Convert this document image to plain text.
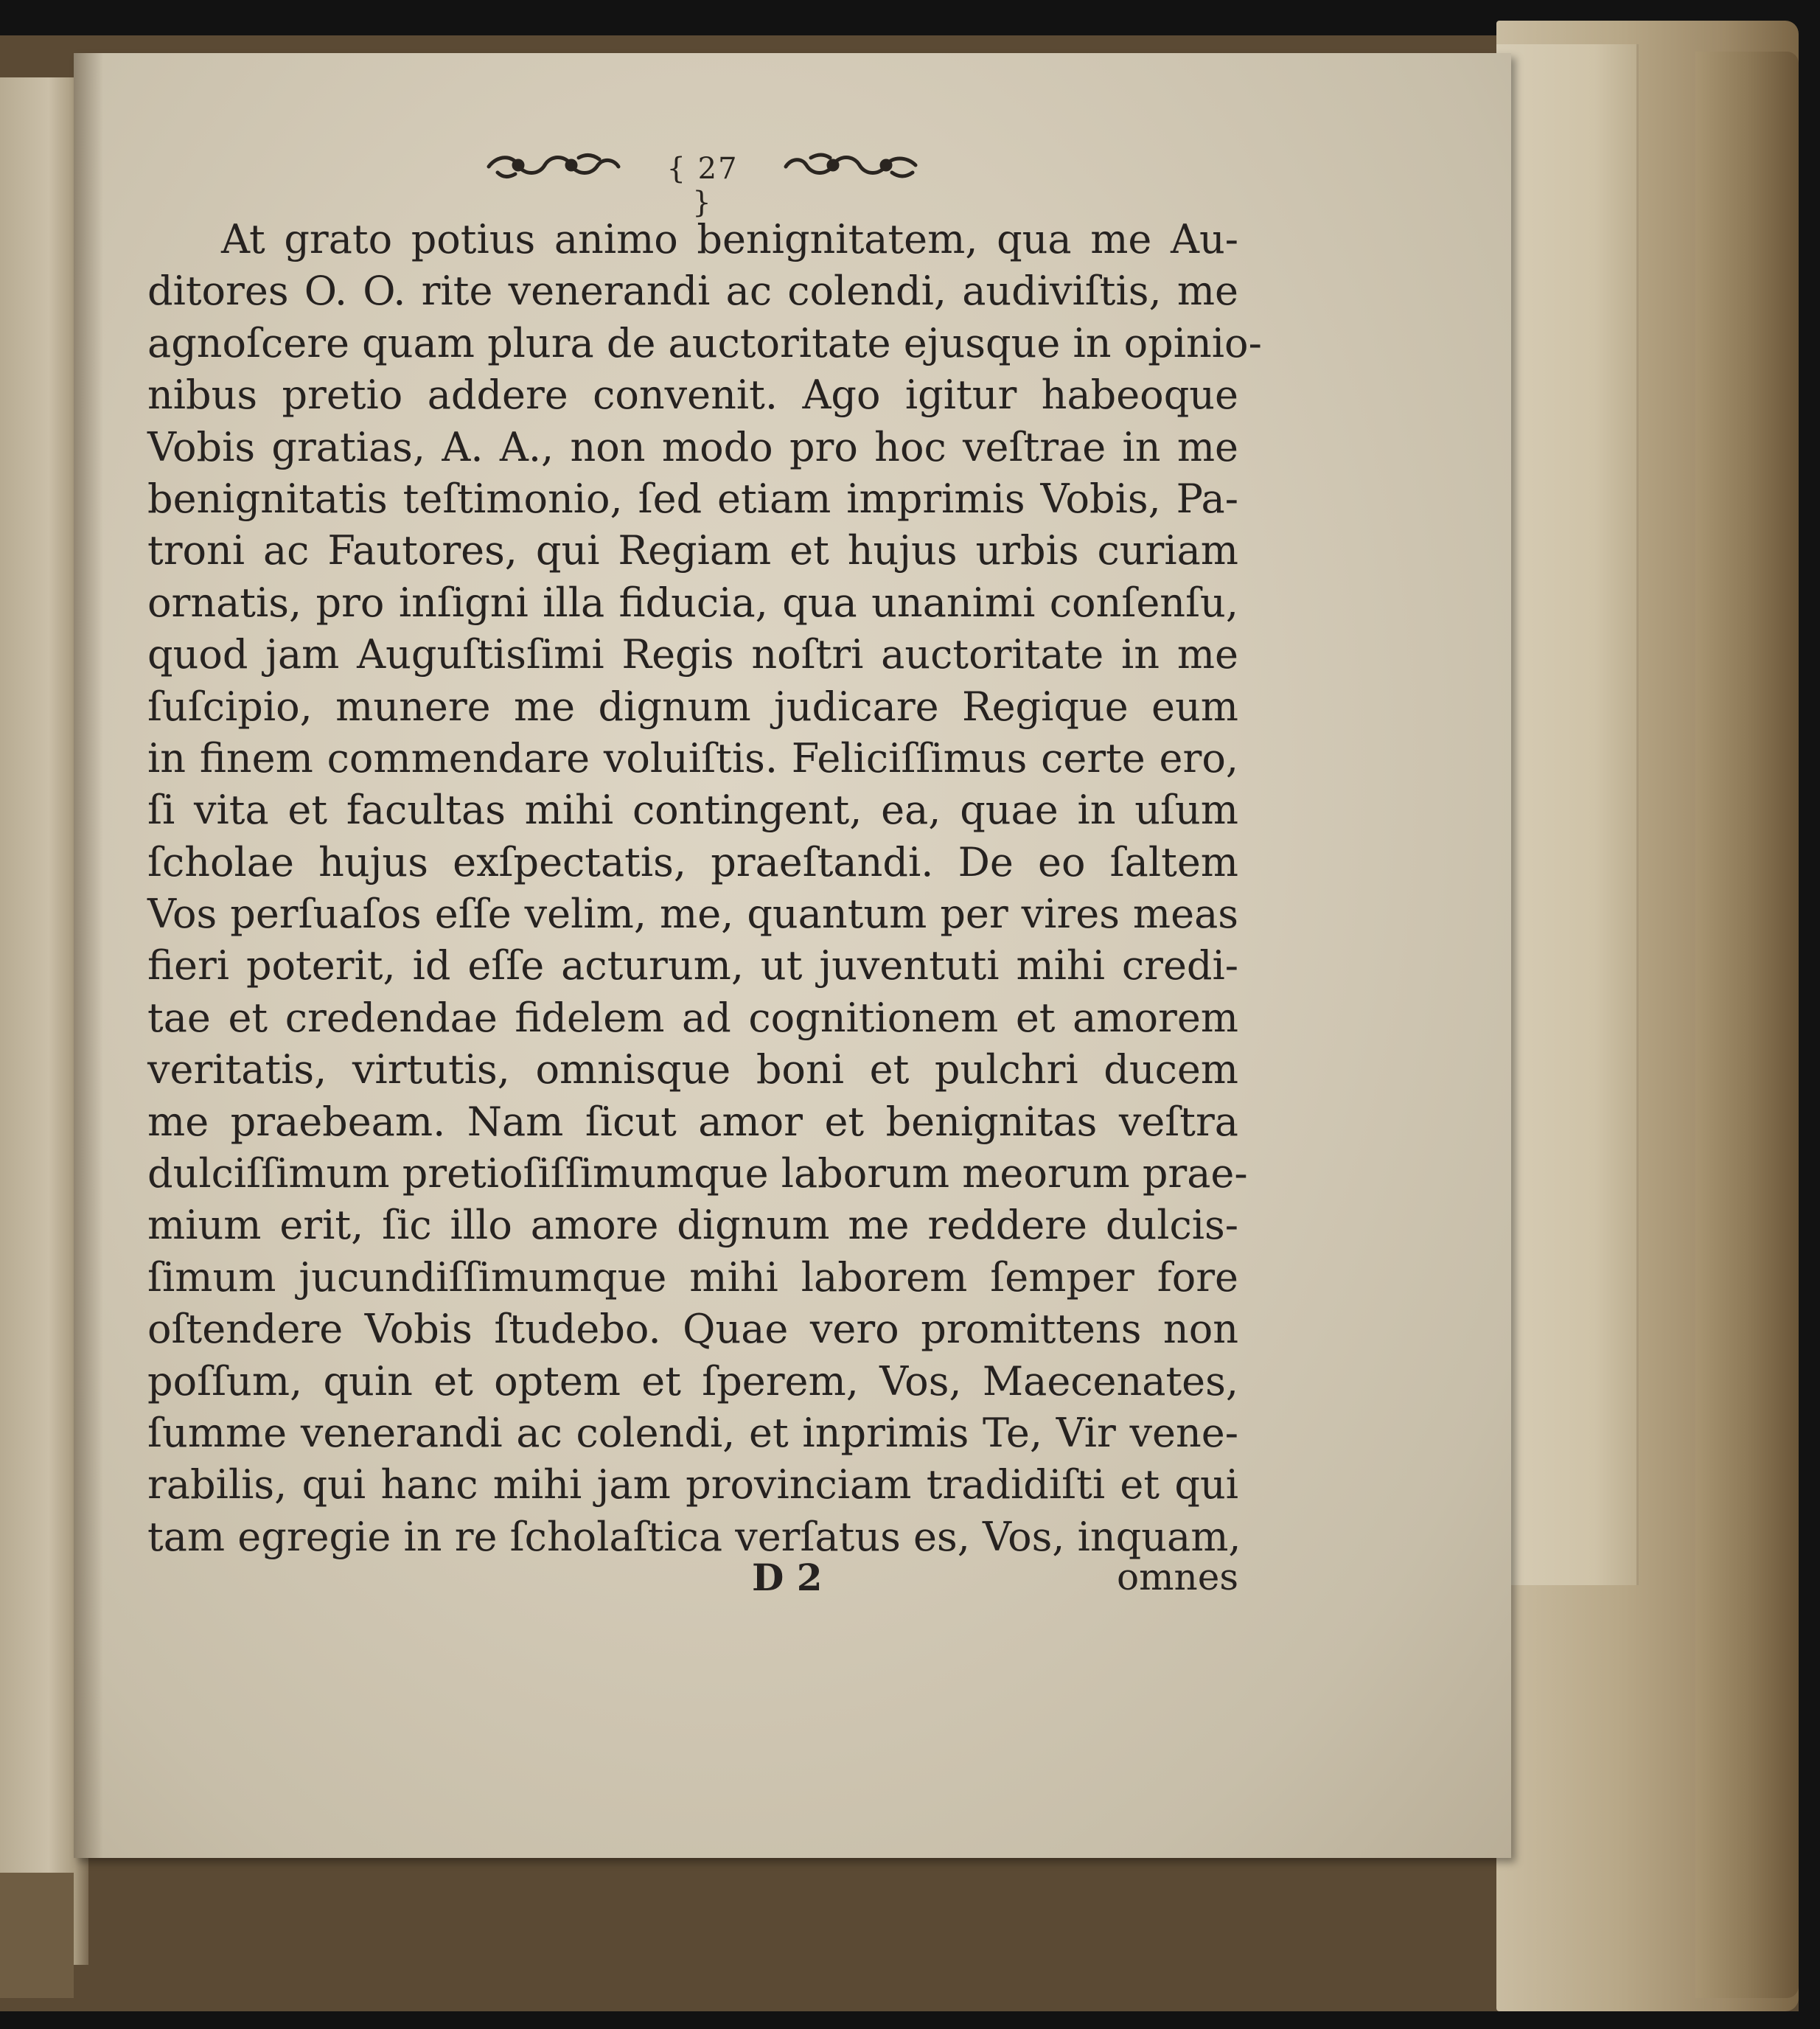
{ 27 }
At grato potius animo benignitatem, qua me Au-
ditores O. O. rite venerandi ac colendi, audiviſtis, me
agnoſcere quam plura de auctoritate ejusque in opinio-
nibus pretio addere convenit. Ago igitur habeoque
Vobis gratias, A. A., non modo pro hoc veſtrae in me
benignitatis teſtimonio, ſed etiam imprimis Vobis, Pa-
troni ac Fautores, qui Regiam et hujus urbis curiam
ornatis, pro inſigni illa fiducia, qua unanimi conſenſu,
quod jam Auguſtisſimi Regis noſtri auctoritate in me
ſuſcipio, munere me dignum judicare Regique eum
in finem commendare voluiſtis. Feliciſſimus certe ero,
ſi vita et facultas mihi contingent, ea, quae in uſum
ſcholae hujus exſpectatis, praeſtandi. De eo ſaltem
Vos perſuaſos eſſe velim, me, quantum per vires meas
fieri poterit, id eſſe acturum, ut juventuti mihi credi-
tae et credendae fidelem ad cognitionem et amorem
veritatis, virtutis, omnisque boni et pulchri ducem
me praebeam. Nam ſicut amor et benignitas veſtra
dulciſſimum pretioſiſſimumque laborum meorum prae-
mium erit, ſic illo amore dignum me reddere dulcis-
ſimum jucundiſſimumque mihi laborem ſemper fore
oſtendere Vobis ſtudebo. Quae vero promittens non
poſſum, quin et optem et ſperem, Vos, Maecenates,
ſumme venerandi ac colendi, et inprimis Te, Vir vene-
rabilis, qui hanc mihi jam provinciam tradidiſti et qui
tam egregie in re ſcholaſtica verſatus es, Vos, inquam,
D 2	omnes
